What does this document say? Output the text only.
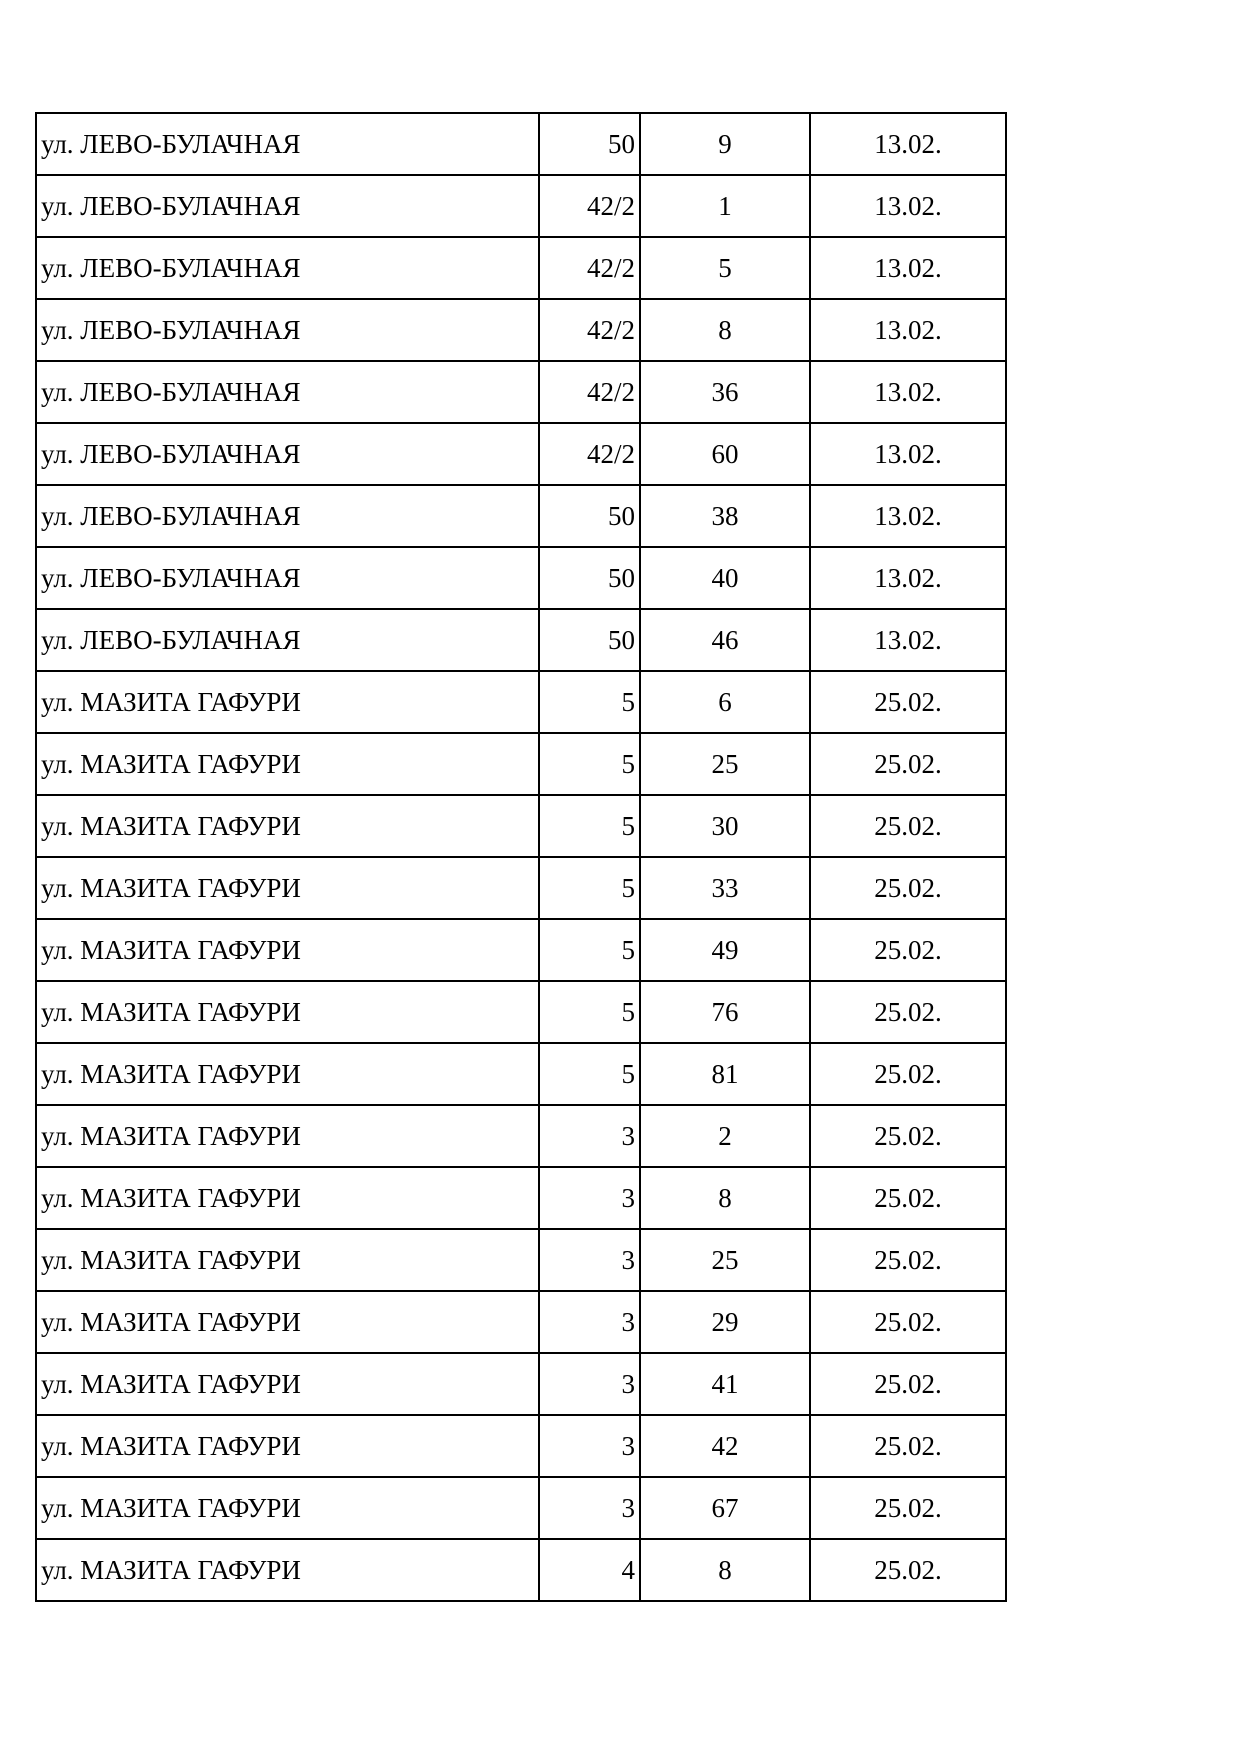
ул. ЛЕВО-БУЛАЧНАЯ	50	9	13.02.
ул. ЛЕВО-БУЛАЧНАЯ	42/2	1	13.02.
ул. ЛЕВО-БУЛАЧНАЯ	42/2	5	13.02.
ул. ЛЕВО-БУЛАЧНАЯ	42/2	8	13.02.
ул. ЛЕВО-БУЛАЧНАЯ	42/2	36	13.02.
ул. ЛЕВО-БУЛАЧНАЯ	42/2	60	13.02.
ул. ЛЕВО-БУЛАЧНАЯ	50	38	13.02.
ул. ЛЕВО-БУЛАЧНАЯ	50	40	13.02.
ул. ЛЕВО-БУЛАЧНАЯ	50	46	13.02.
ул. МАЗИТА ГАФУРИ	5	6	25.02.
ул. МАЗИТА ГАФУРИ	5	25	25.02.
ул. МАЗИТА ГАФУРИ	5	30	25.02.
ул. МАЗИТА ГАФУРИ	5	33	25.02.
ул. МАЗИТА ГАФУРИ	5	49	25.02.
ул. МАЗИТА ГАФУРИ	5	76	25.02.
ул. МАЗИТА ГАФУРИ	5	81	25.02.
ул. МАЗИТА ГАФУРИ	3	2	25.02.
ул. МАЗИТА ГАФУРИ	3	8	25.02.
ул. МАЗИТА ГАФУРИ	3	25	25.02.
ул. МАЗИТА ГАФУРИ	3	29	25.02.
ул. МАЗИТА ГАФУРИ	3	41	25.02.
ул. МАЗИТА ГАФУРИ	3	42	25.02.
ул. МАЗИТА ГАФУРИ	3	67	25.02.
ул. МАЗИТА ГАФУРИ	4	8	25.02.
